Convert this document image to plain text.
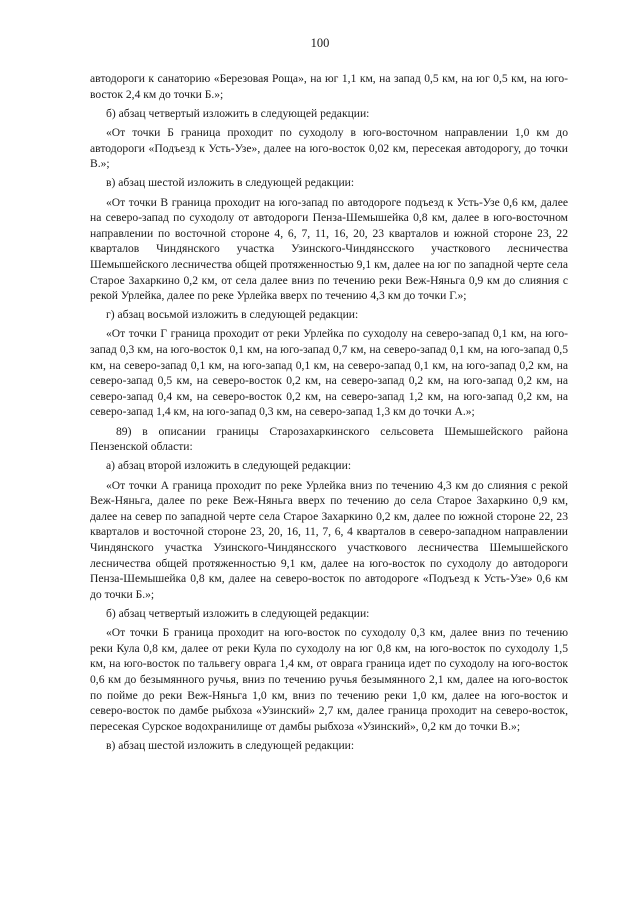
100

автодороги к санаторию «Березовая Роща», на юг 1,1 км, на запад 0,5 км, на юг 0,5 км, на юго-восток 2,4 км до точки Б.»;

б) абзац четвертый изложить в следующей редакции:

«От точки Б граница проходит по суходолу в юго-восточном направлении 1,0 км до автодороги «Подъезд к Усть-Узе», далее на юго-восток 0,02 км, пересекая автодорогу, до точки В.»;

в) абзац шестой изложить в следующей редакции:

«От точки В граница проходит на юго-запад по автодороге подъезд к Усть-Узе 0,6 км, далее на северо-запад по суходолу от автодороги Пенза-Шемышейка 0,8 км, далее в юго-восточном направлении по восточной стороне 4, 6, 7, 11, 16, 20, 23 кварталов и южной стороне 23, 22 кварталов Чиндянского участка Узинского-Чиндянсского участкового лесничества Шемышейского лесничества общей протяженностью 9,1 км, далее на юг по западной черте села Старое Захаркино 0,2 км, от села далее вниз по течению реки Веж-Няньга 0,9 км до слияния с рекой Урлейка, далее по реке Урлейка вверх по течению 4,3 км до точки Г.»;

г) абзац восьмой изложить в следующей редакции:

«От точки Г граница проходит от реки Урлейка по суходолу на северо-запад 0,1 км, на юго-запад 0,3 км, на юго-восток 0,1 км, на юго-запад 0,7 км, на северо-запад 0,1 км, на юго-запад 0,5 км, на северо-запад 0,1 км, на юго-запад 0,1 км, на северо-запад 0,1 км, на юго-запад 0,2 км, на северо-запад 0,5 км, на северо-восток 0,2 км, на северо-запад 0,2 км, на юго-запад 0,2 км, на северо-запад 0,4 км, на северо-восток 0,2 км, на северо-запад 1,2 км, на юго-запад 0,2 км, на северо-запад 1,4 км, на юго-запад 0,3 км, на северо-запад 1,3 км до точки А.»;

89) в описании границы Старозахаркинского сельсовета Шемышейского района Пензенской области:

а) абзац второй изложить в следующей редакции:

«От точки А граница проходит по реке Урлейка вниз по течению 4,3 км до слияния с рекой Веж-Няньга, далее по реке Веж-Няньга вверх по течению до села Старое Захаркино 0,9 км, далее на север по западной черте села Старое Захаркино 0,2 км, далее по южной стороне 22, 23 кварталов и восточной стороне 23, 20, 16, 11, 7, 6, 4 кварталов в северо-западном направлении Чиндянского участка Узинского-Чиндянсского участкового лесничества Шемышейского лесничества общей протяженностью 9,1 км, далее на юго-восток по суходолу до автодороги Пенза-Шемышейка 0,8 км, далее на северо-восток по автодороге «Подъезд к Усть-Узе» 0,6 км до точки Б.»;

б) абзац четвертый изложить в следующей редакции:

«От точки Б граница проходит на юго-восток по суходолу 0,3 км, далее вниз по течению реки Кула 0,8 км, далее от реки Кула по суходолу на юг 0,8 км, на юго-восток по суходолу 1,5 км, на юго-восток по тальвегу оврага 1,4 км, от оврага граница идет по суходолу на юго-восток 0,6 км до безымянного ручья, вниз по течению ручья безымянного 2,1 км, далее на юго-восток по пойме до реки Веж-Няньга 1,0 км, вниз по течению реки 1,0 км, далее на юго-восток и северо-восток по дамбе рыбхоза «Узинский» 2,7 км, далее граница проходит на северо-восток, пересекая Сурское водохранилище от дамбы рыбхоза «Узинский», 0,2 км до точки В.»;

в) абзац шестой изложить в следующей редакции:
